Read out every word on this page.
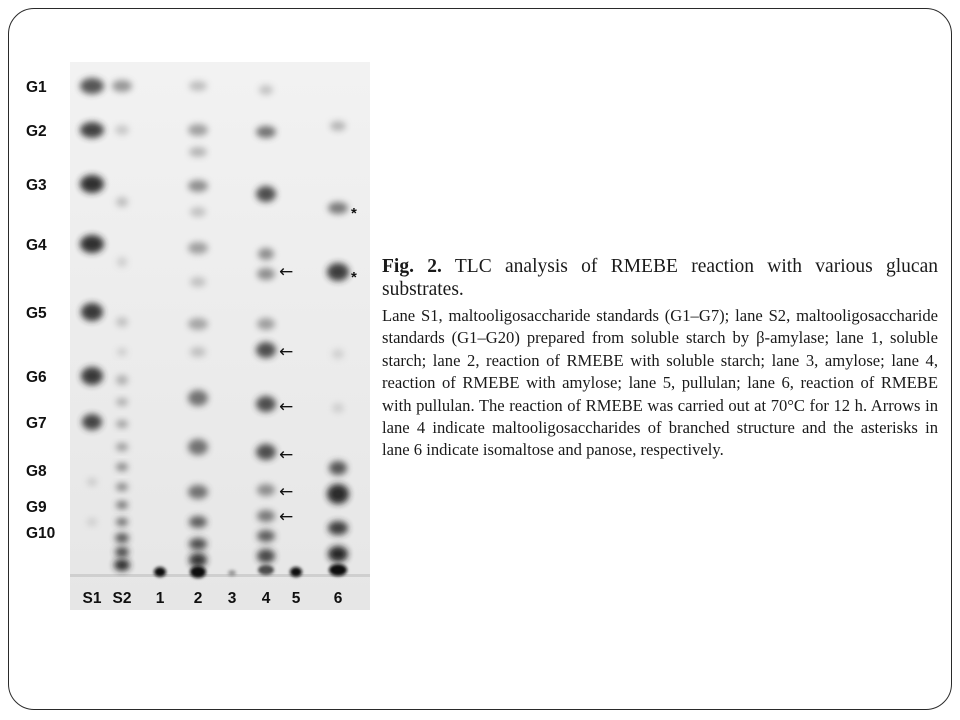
←
←
←
←
←
←
*
*
G1
G2
G3
G4
G5
G6
G7
G8
G9
G10
S1 S2 1 2 3 4 5 6

Fig. 2. TLC analysis of RMEBE reaction with various glucan substrates.

Lane S1, maltooligosaccharide standards (G1–G7); lane S2, maltooligosaccharide standards (G1–G20) prepared from soluble starch by β-amylase; lane 1, soluble starch; lane 2, reaction of RMEBE with soluble starch; lane 3, amylose; lane 4, reaction of RMEBE with amylose; lane 5, pullulan; lane 6, reaction of RMEBE with pullulan. The reaction of RMEBE was carried out at 70°C for 12 h. Arrows in lane 4 indicate maltooligosaccharides of branched structure and the asterisks in lane 6 indicate isomaltose and panose, respectively.
